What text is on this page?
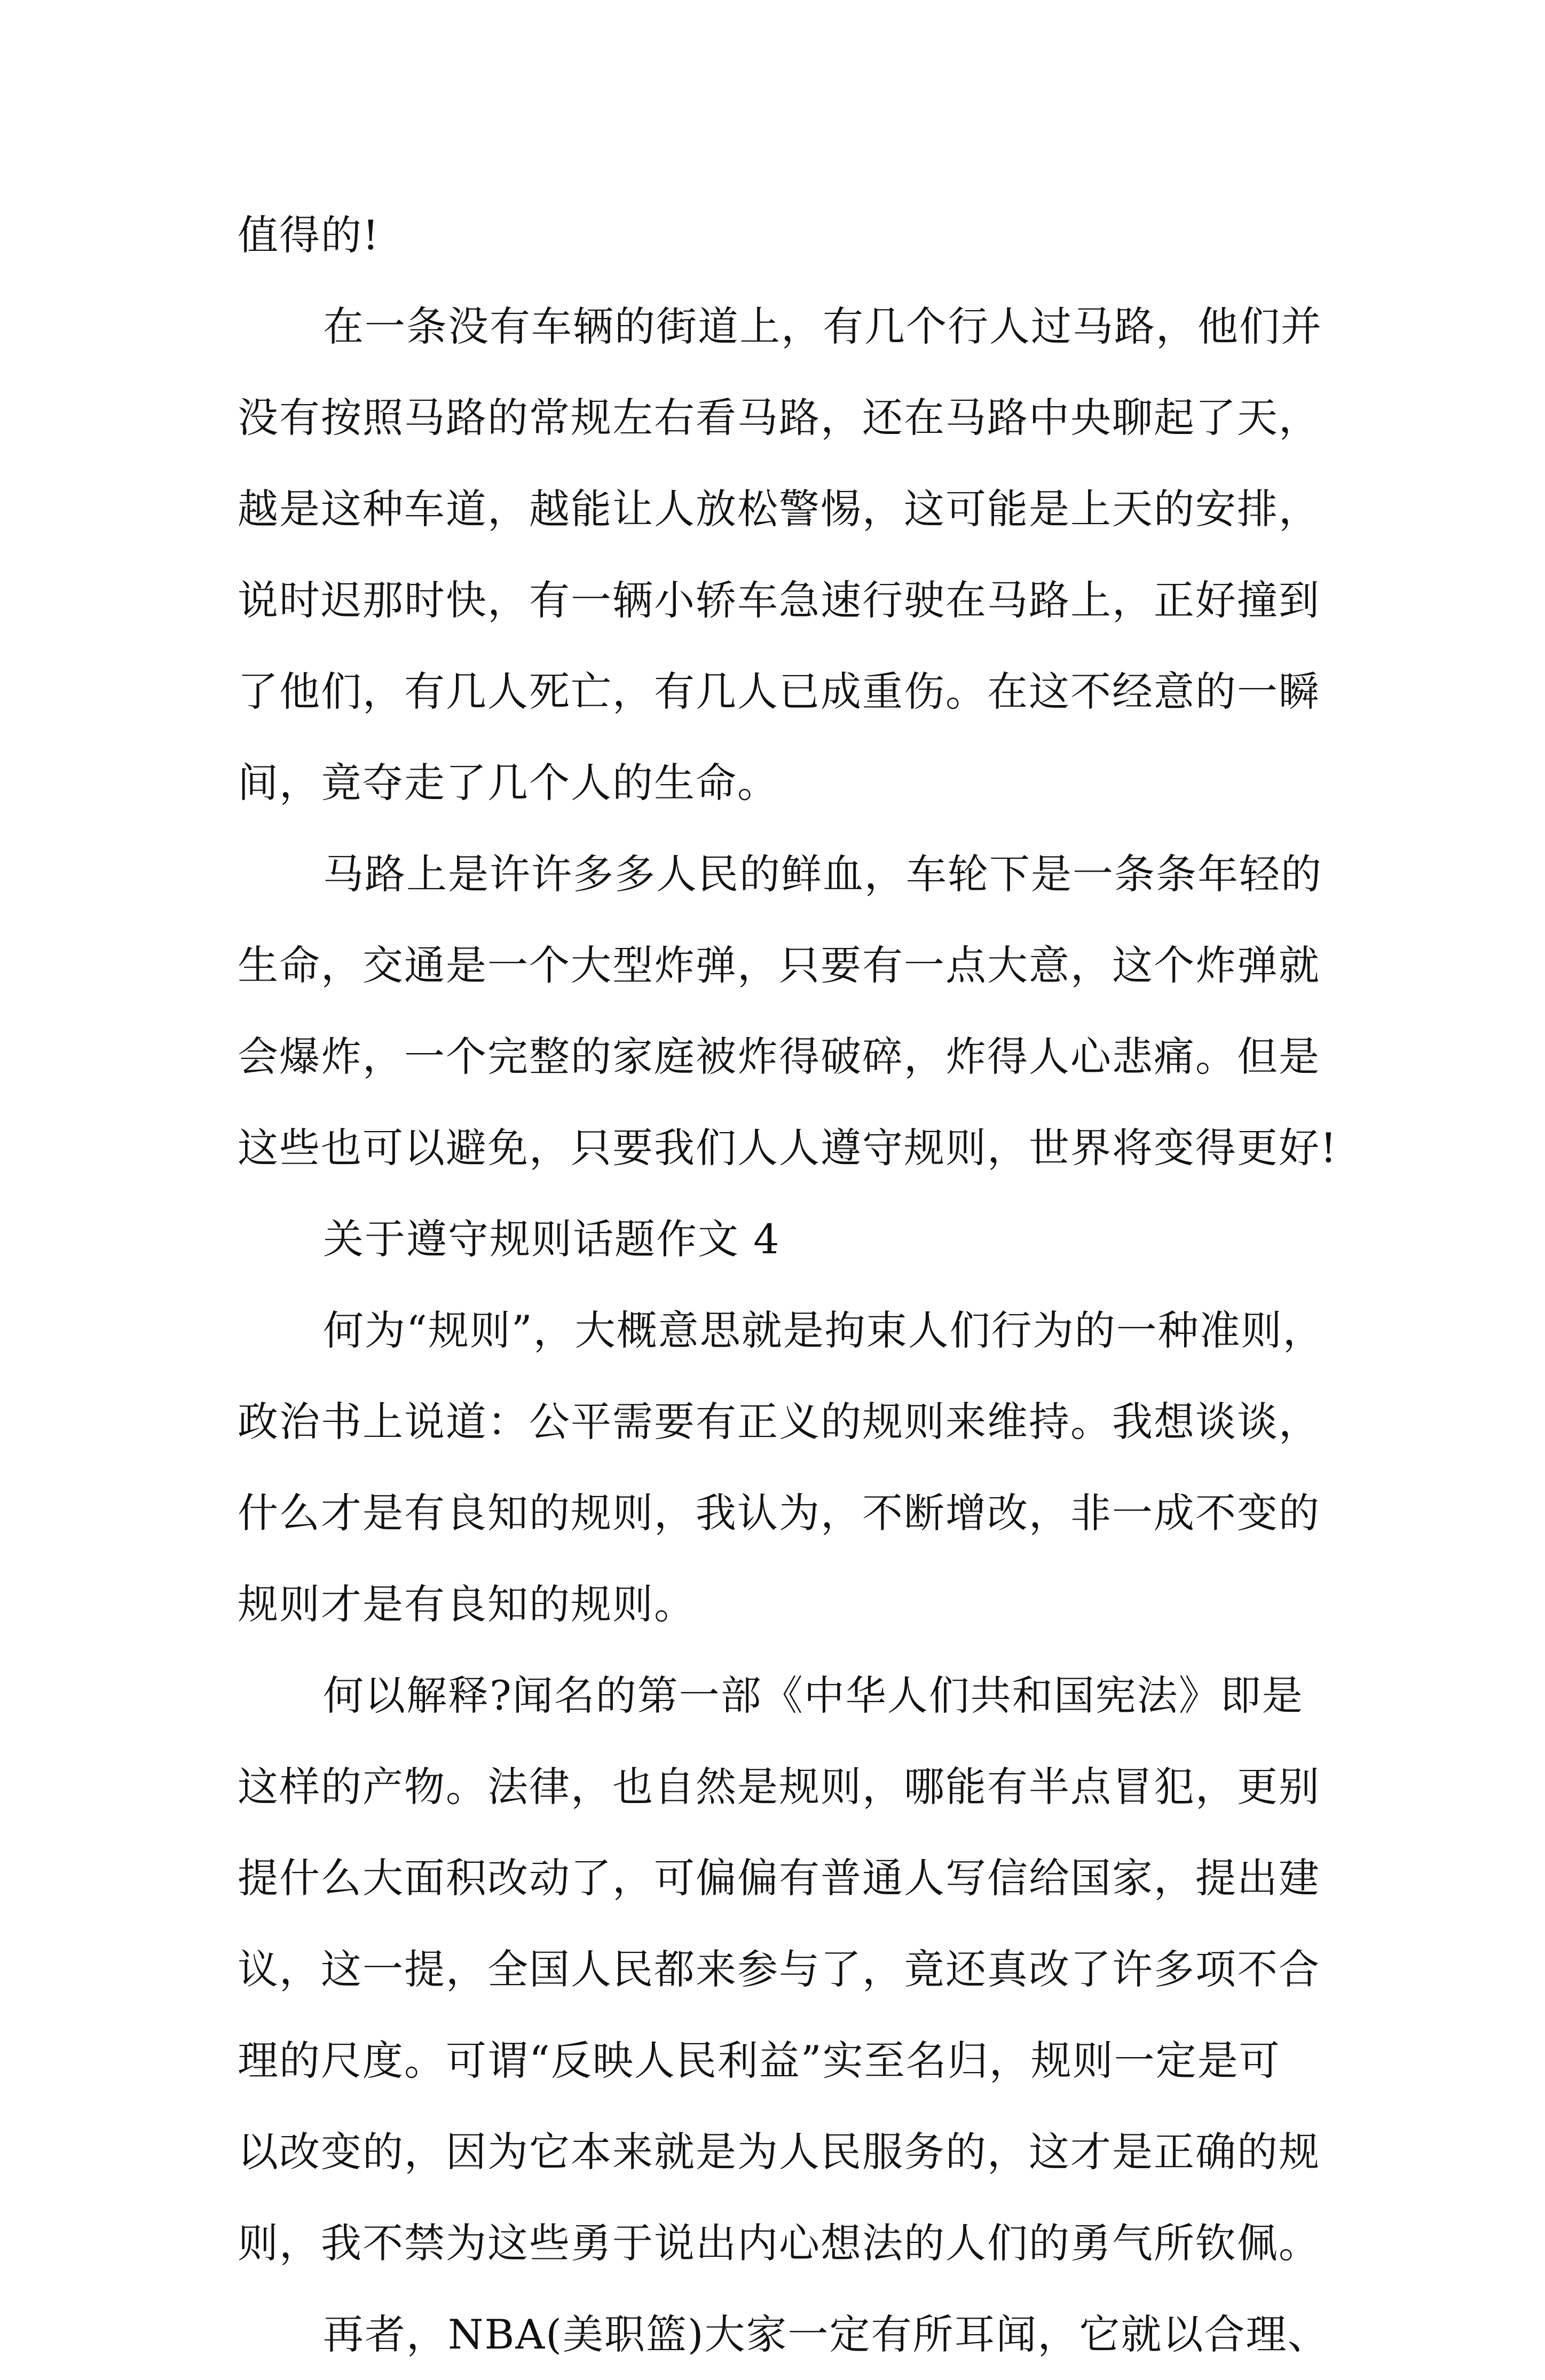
值得的!
在一条没有车辆的街道上，有几个行人过马路，他们并
没有按照马路的常规左右看马路，还在马路中央聊起了天，
越是这种车道，越能让人放松警惕，这可能是上天的安排，
说时迟那时快，有一辆小轿车急速行驶在马路上，正好撞到
了他们，有几人死亡，有几人已成重伤。在这不经意的一瞬
间，竟夺走了几个人的生命。
马路上是许许多多人民的鲜血，车轮下是一条条年轻的
生命，交通是一个大型炸弹，只要有一点大意，这个炸弹就
会爆炸，一个完整的家庭被炸得破碎，炸得人心悲痛。但是
这些也可以避免，只要我们人人遵守规则，世界将变得更好!
关于遵守规则话题作文 4
何为“规则”，大概意思就是拘束人们行为的一种准则，
政治书上说道：公平需要有正义的规则来维持。我想谈谈，
什么才是有良知的规则，我认为，不断增改，非一成不变的
规则才是有良知的规则。
何以解释?闻名的第一部《中华人们共和国宪法》即是
这样的产物。法律，也自然是规则，哪能有半点冒犯，更别
提什么大面积改动了，可偏偏有普通人写信给国家，提出建
议，这一提，全国人民都来参与了，竟还真改了许多项不合
理的尺度。可谓“反映人民利益”实至名归，规则一定是可
以改变的，因为它本来就是为人民服务的，这才是正确的规
则，我不禁为这些勇于说出内心想法的人们的勇气所钦佩。
再者，NBA(美职篮)大家一定有所耳闻，它就以合理、
